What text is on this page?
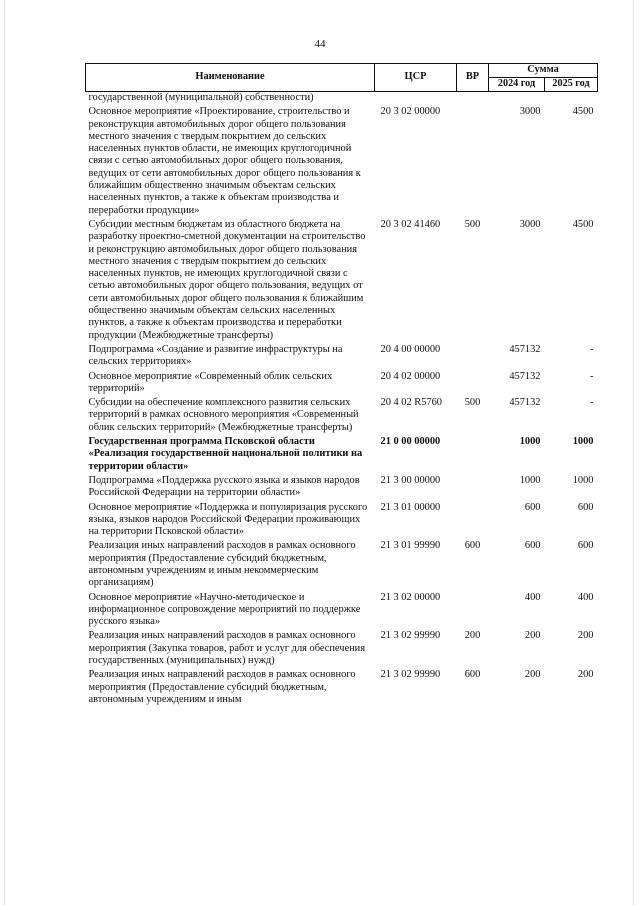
44
Наименование	ЦСР	ВР	Сумма	
			2024 год	2025 год
государственной (муниципальной) собственности)				
Основное мероприятие «Проектирование, строительство и реконструкция автомобильных дорог общего пользования местного значения с твердым покрытием до сельских населенных пунктов области, не имеющих круглогодичной связи с сетью автомобильных дорог общего пользования, ведущих от сети автомобильных дорог общего пользования к ближайшим общественно значимым объектам сельских населенных пунктов, а также к объектам производства и переработки продукции»	20 3 02 00000		3000	4500
Субсидии местным бюджетам из областного бюджета на разработку проектно-сметной документации на строительство и реконструкцию автомобильных дорог общего пользования местного значения с твердым покрытием до сельских населенных пунктов, не имеющих круглогодичной связи с сетью автомобильных дорог общего пользования, ведущих от сети автомобильных дорог общего пользования к ближайшим общественно значимым объектам сельских населенных пунктов, а также к объектам производства и переработки продукции (Межбюджетные трансферты)	20 3 02 41460	500	3000	4500
Подпрограмма «Создание и развитие инфраструктуры на сельских территориях»	20 4 00 00000		457132	-
Основное мероприятие «Современный облик сельских территорий»	20 4 02 00000		457132	-
Субсидии на обеспечение комплексного развития сельских территорий в рамках основного мероприятия «Современный облик сельских территорий» (Межбюджетные трансферты)	20 4 02 R5760	500	457132	-
Государственная программа Псковской области «Реализация государственной национальной политики на территории области»	21 0 00 00000		1000	1000
Подпрограмма «Поддержка русского языка и языков народов Российской Федерации на территории области»	21 3 00 00000		1000	1000
Основное мероприятие «Поддержка и популяризация русского языка, языков народов Российской Федерации проживающих на территории Псковской области»	21 3 01 00000		600	600
Реализация иных направлений расходов в рамках основного мероприятия (Предоставление субсидий бюджетным, автономным учреждениям и иным некоммерческим организациям)	21 3 01 99990	600	600	600
Основное мероприятие «Научно-методическое и информационное сопровождение мероприятий по поддержке русского языка»	21 3 02 00000		400	400
Реализация иных направлений расходов в рамках основного мероприятия (Закупка товаров, работ и услуг для обеспечения государственных (муниципальных) нужд)	21 3 02 99990	200	200	200
Реализация иных направлений расходов в рамках основного мероприятия (Предоставление субсидий бюджетным, автономным учреждениям и иным	21 3 02 99990	600	200	200
